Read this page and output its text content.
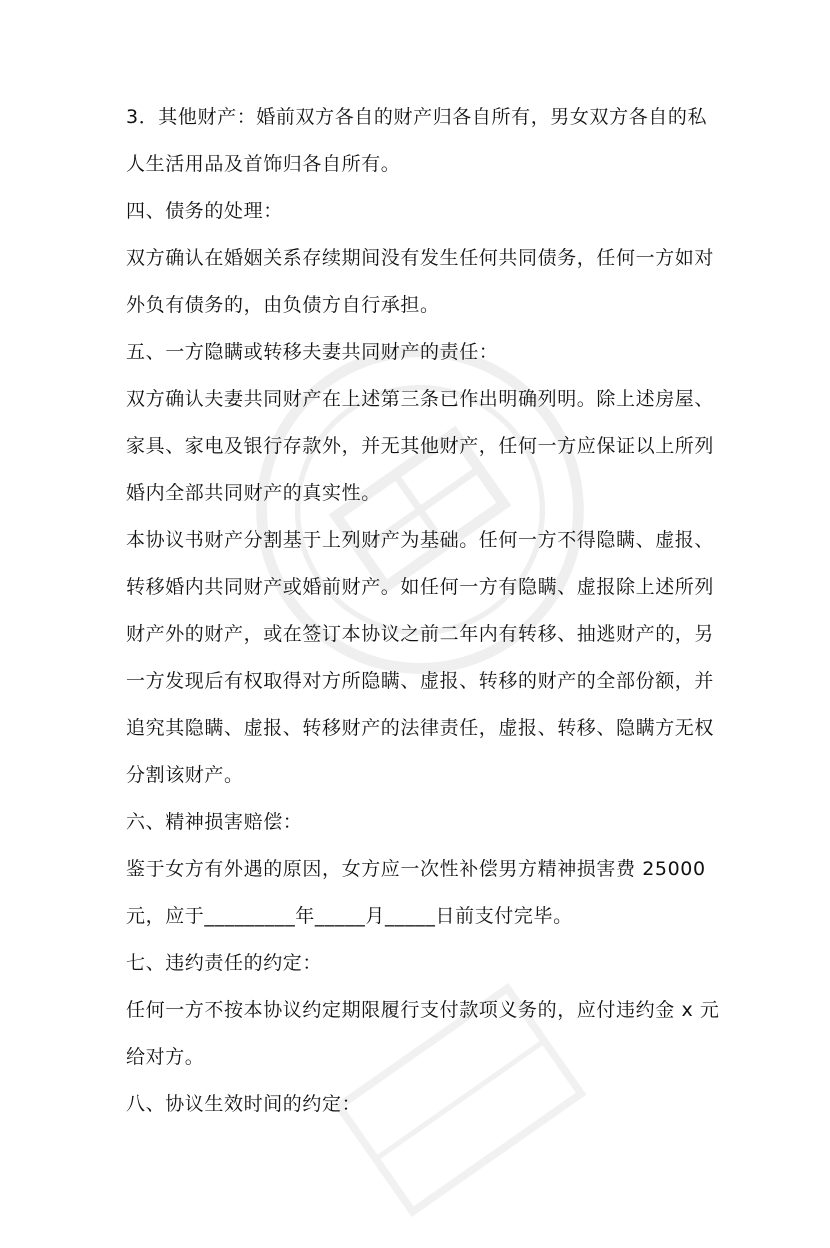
3．其他财产：婚前双方各自的财产归各自所有，男女双方各自的私
人生活用品及首饰归各自所有。
四、债务的处理：
双方确认在婚姻关系存续期间没有发生任何共同债务，任何一方如对
外负有债务的，由负债方自行承担。
五、一方隐瞒或转移夫妻共同财产的责任：
双方确认夫妻共同财产在上述第三条已作出明确列明。除上述房屋、
家具、家电及银行存款外，并无其他财产，任何一方应保证以上所列
婚内全部共同财产的真实性。
本协议书财产分割基于上列财产为基础。任何一方不得隐瞒、虚报、
转移婚内共同财产或婚前财产。如任何一方有隐瞒、虚报除上述所列
财产外的财产，或在签订本协议之前二年内有转移、抽逃财产的，另
一方发现后有权取得对方所隐瞒、虚报、转移的财产的全部份额，并
追究其隐瞒、虚报、转移财产的法律责任，虚报、转移、隐瞒方无权
分割该财产。
六、精神损害赔偿：
鉴于女方有外遇的原因，女方应一次性补偿男方精神损害费 25000
元，应于_________年_____月_____日前支付完毕。
七、违约责任的约定：
任何一方不按本协议约定期限履行支付款项义务的，应付违约金 x 元
给对方。
八、协议生效时间的约定：
